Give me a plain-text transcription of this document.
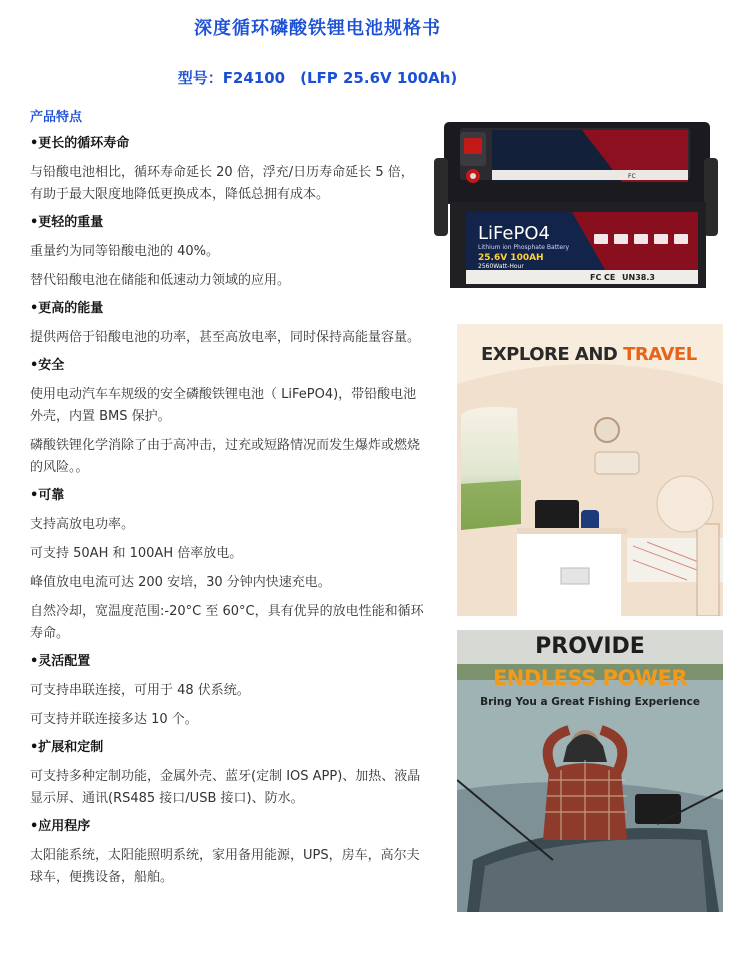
深度循环磷酸铁锂电池规格书
型号：F24100　(LFP 25.6V 100Ah)
产品特点
•更长的循环寿命

与铅酸电池相比，循环寿命延长 20 倍，浮充/日历寿命延长 5 倍，有助于最大限度地降低更换成本，降低总拥有成本。

•更轻的重量

重量约为同等铅酸电池的 40%。

替代铅酸电池在储能和低速动力领域的应用。

•更高的能量

提供两倍于铅酸电池的功率，甚至高放电率，同时保持高能量容量。

•安全

使用电动汽车车规级的安全磷酸铁锂电池（ LiFePO4)，带铅酸电池外壳，内置 BMS 保护。

磷酸铁锂化学消除了由于高冲击，过充或短路情况而发生爆炸或燃烧的风险。。

•可靠

支持高放电功率。

可支持 50AH 和 100AH 倍率放电。

峰值放电电流可达 200 安培，30 分钟内快速充电。

自然冷却，宽温度范围:-20°C 至 60°C，具有优异的放电性能和循环寿命。

•灵活配置

可支持串联连接，可用于 48 伏系统。

可支持并联连接多达 10 个。

•扩展和定制

可支持多种定制功能，金属外壳、蓝牙(定制 IOS APP)、加热、液晶显示屏、通讯(RS485 接口/USB 接口)、防水。

•应用程序

太阳能系统，太阳能照明系统，家用备用能源，UPS，房车，高尔夫球车，便携设备，船舶。

FC
LiFePO4
Lithium ion Phosphate Battery
25.6V 100AH
2560Watt-Hour
FC CE UN38.3
EXPLORE AND TRAVEL
PROVIDE
ENDLESS POWER
Bring You a Great Fishing Experience
